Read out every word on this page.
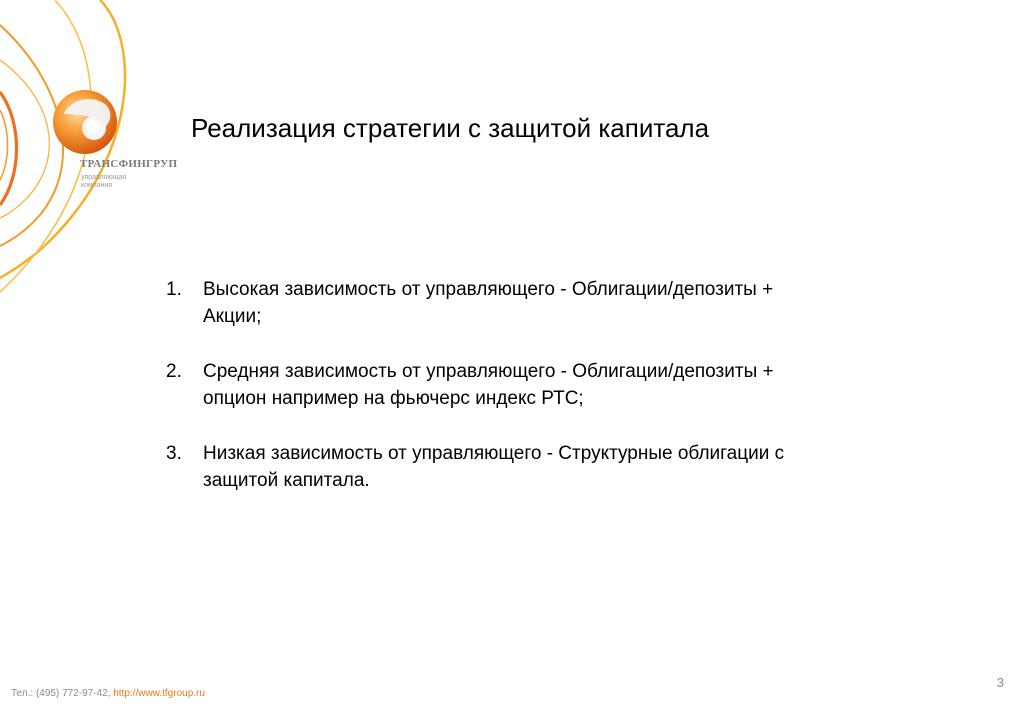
ТРАНСФИНГРУП
управляющая
компания
Реализация стратегии с защитой капитала
1. Высокая зависимость от управляющего - Облигации/депозиты +
Акции;
2. Средняя зависимость от управляющего - Облигации/депозиты +
опцион например на фьючерс индекс РТС;
3. Низкая зависимость от управляющего - Структурные облигации с
защитой капитала.
3
Тел.: (495) 772-97-42, http://www.tfgroup.ru
